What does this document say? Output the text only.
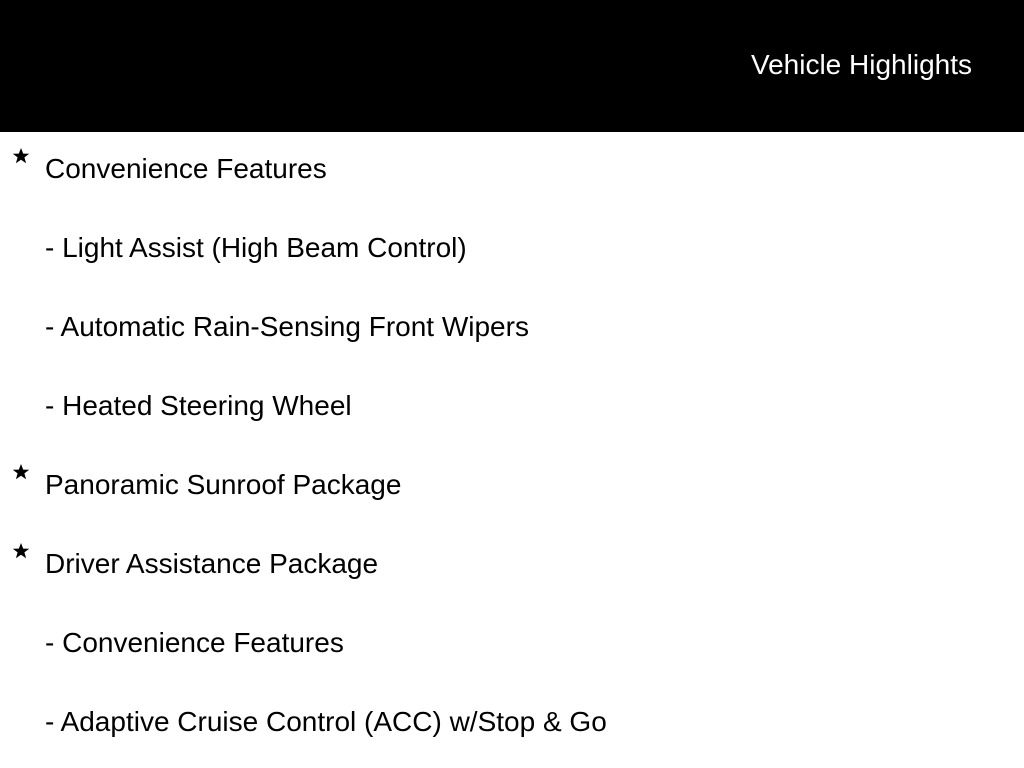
Vehicle Highlights
Convenience Features
- Light Assist (High Beam Control)
- Automatic Rain-Sensing Front Wipers
- Heated Steering Wheel
Panoramic Sunroof Package
Driver Assistance Package
- Convenience Features
- Adaptive Cruise Control (ACC) w/Stop & Go
